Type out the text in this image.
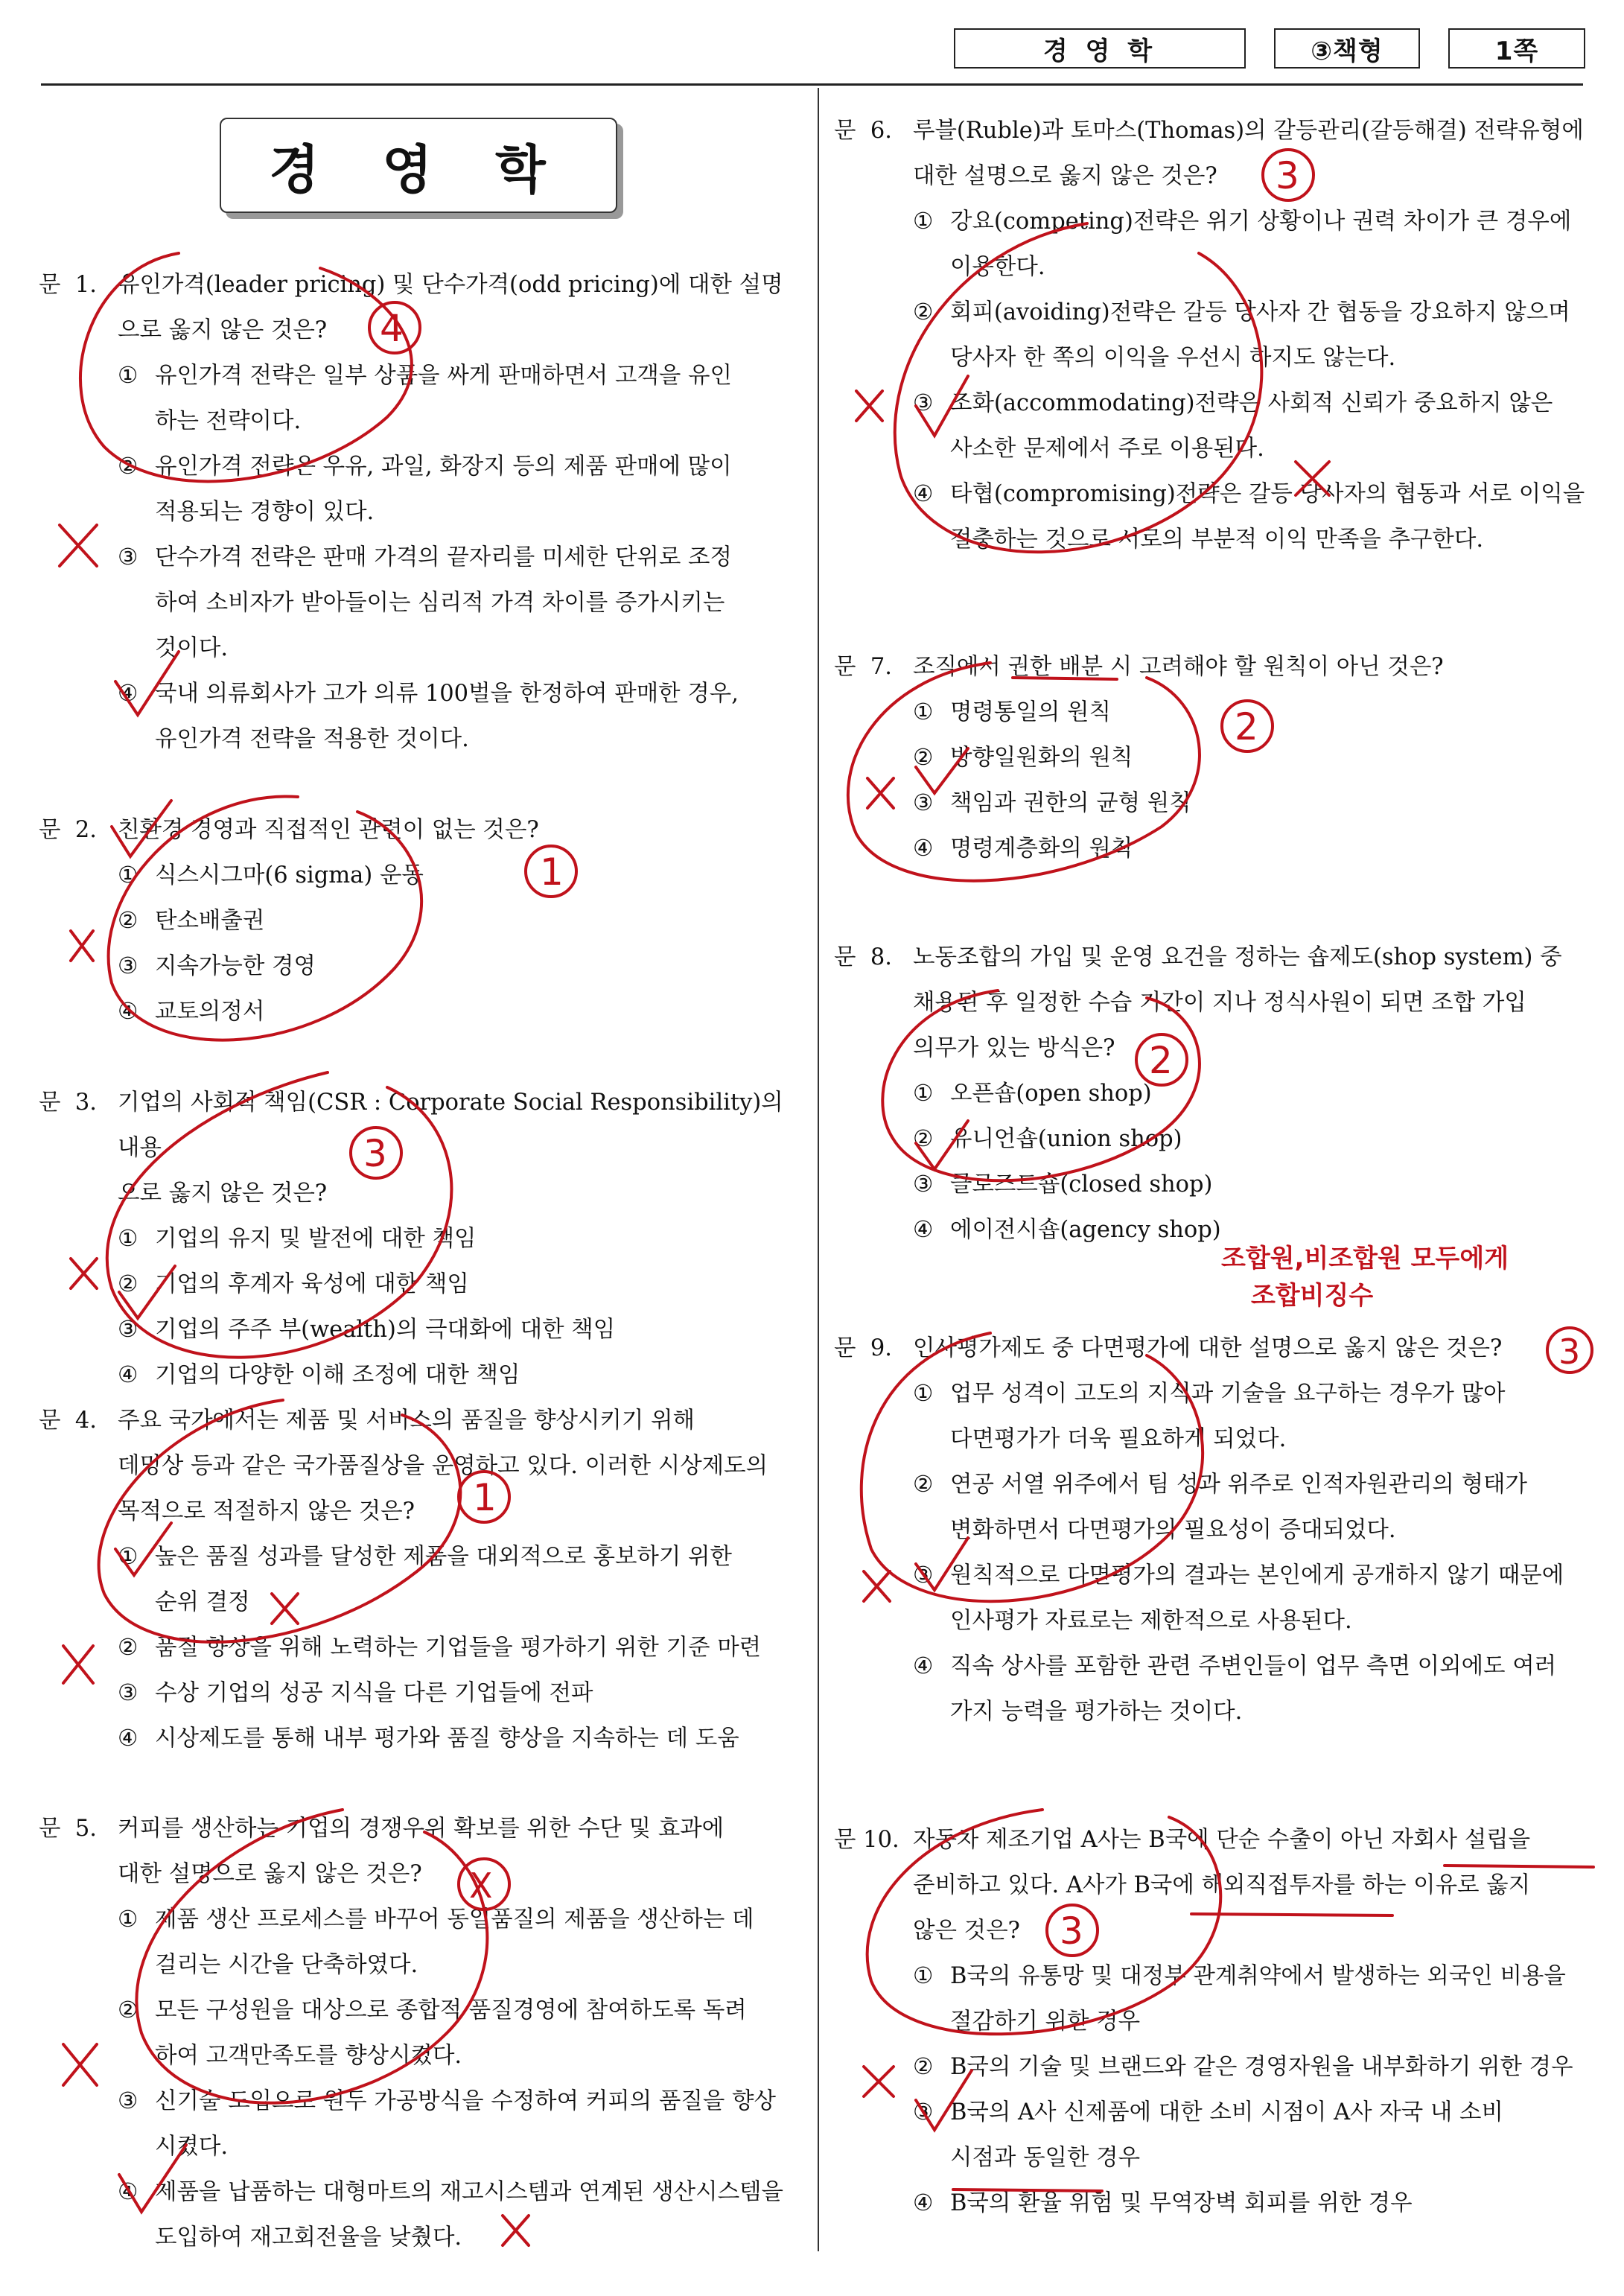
경 영 학	③책형	1쪽
경 영 학
문  1. 유인가격(leader pricing) 및 단수가격(odd pricing)에 대한 설명
으로 옳지 않은 것은?
① 유인가격 전략은 일부 상품을 싸게 판매하면서 고객을 유인
하는 전략이다.
② 유인가격 전략은 우유, 과일, 화장지 등의 제품 판매에 많이
적용되는 경향이 있다.
③ 단수가격 전략은 판매 가격의 끝자리를 미세한 단위로 조정
하여 소비자가 받아들이는 심리적 가격 차이를 증가시키는
것이다.
④ 국내 의류회사가 고가 의류 100벌을 한정하여 판매한 경우,
유인가격 전략을 적용한 것이다.
문  2. 친환경 경영과 직접적인 관련이 없는 것은?
① 식스시그마(6 sigma) 운동
② 탄소배출권
③ 지속가능한 경영
④ 교토의정서
문  3. 기업의 사회적 책임(CSR : Corporate Social Responsibility)의 내용
으로 옳지 않은 것은?
① 기업의 유지 및 발전에 대한 책임
② 기업의 후계자 육성에 대한 책임
③ 기업의 주주 부(wealth)의 극대화에 대한 책임
④ 기업의 다양한 이해 조정에 대한 책임
문  4. 주요 국가에서는 제품 및 서비스의 품질을 향상시키기 위해
데밍상 등과 같은 국가품질상을 운영하고 있다. 이러한 시상제도의
목적으로 적절하지 않은 것은?
① 높은 품질 성과를 달성한 제품을 대외적으로 홍보하기 위한
순위 결정
② 품질 향상을 위해 노력하는 기업들을 평가하기 위한 기준 마련
③ 수상 기업의 성공 지식을 다른 기업들에 전파
④ 시상제도를 통해 내부 평가와 품질 향상을 지속하는 데 도움
문  5. 커피를 생산하는 기업의 경쟁우위 확보를 위한 수단 및 효과에
대한 설명으로 옳지 않은 것은?
① 제품 생산 프로세스를 바꾸어 동일품질의 제품을 생산하는 데
걸리는 시간을 단축하였다.
② 모든 구성원을 대상으로 종합적 품질경영에 참여하도록 독려
하여 고객만족도를 향상시켰다.
③ 신기술 도입으로 원두 가공방식을 수정하여 커피의 품질을 향상
시켰다.
④ 제품을 납품하는 대형마트의 재고시스템과 연계된 생산시스템을
도입하여 재고회전율을 낮췄다.
문  6. 루블(Ruble)과 토마스(Thomas)의 갈등관리(갈등해결) 전략유형에
대한 설명으로 옳지 않은 것은?
① 강요(competing)전략은 위기 상황이나 권력 차이가 큰 경우에
이용한다.
② 회피(avoiding)전략은 갈등 당사자 간 협동을 강요하지 않으며
당사자 한 쪽의 이익을 우선시 하지도 않는다.
③ 조화(accommodating)전략은 사회적 신뢰가 중요하지 않은
사소한 문제에서 주로 이용된다.
④ 타협(compromising)전략은 갈등 당사자의 협동과 서로 이익을
절충하는 것으로 서로의 부분적 이익 만족을 추구한다.
문  7. 조직에서 권한 배분 시 고려해야 할 원칙이 아닌 것은?
① 명령통일의 원칙
② 방향일원화의 원칙
③ 책임과 권한의 균형 원칙
④ 명령계층화의 원칙
문  8. 노동조합의 가입 및 운영 요건을 정하는 숍제도(shop system) 중
채용된 후 일정한 수습 기간이 지나 정식사원이 되면 조합 가입
의무가 있는 방식은?
① 오픈숍(open shop)
② 유니언숍(union shop)
③ 클로즈드숍(closed shop)
④ 에이전시숍(agency shop)
문  9. 인사평가제도 중 다면평가에 대한 설명으로 옳지 않은 것은?
① 업무 성격이 고도의 지식과 기술을 요구하는 경우가 많아
다면평가가 더욱 필요하게 되었다.
② 연공 서열 위주에서 팀 성과 위주로 인적자원관리의 형태가
변화하면서 다면평가의 필요성이 증대되었다.
③ 원칙적으로 다면평가의 결과는 본인에게 공개하지 않기 때문에
인사평가 자료로는 제한적으로 사용된다.
④ 직속 상사를 포함한 관련 주변인들이 업무 측면 이외에도 여러
가지 능력을 평가하는 것이다.
문 10. 자동차 제조기업 A사는 B국에 단순 수출이 아닌 자회사 설립을
준비하고 있다. A사가 B국에 해외직접투자를 하는 이유로 옳지
않은 것은?
① B국의 유통망 및 대정부 관계취약에서 발생하는 외국인 비용을
절감하기 위한 경우
② B국의 기술 및 브랜드와 같은 경영자원을 내부화하기 위한 경우
③ B국의 A사 신제품에 대한 소비 시점이 A사 자국 내 소비
시점과 동일한 경우
④ B국의 환율 위험 및 무역장벽 회피를 위한 경우
4
1
3
1
X
3
2
2
3
3
조합원,비조합원 모두에게
조합비징수
